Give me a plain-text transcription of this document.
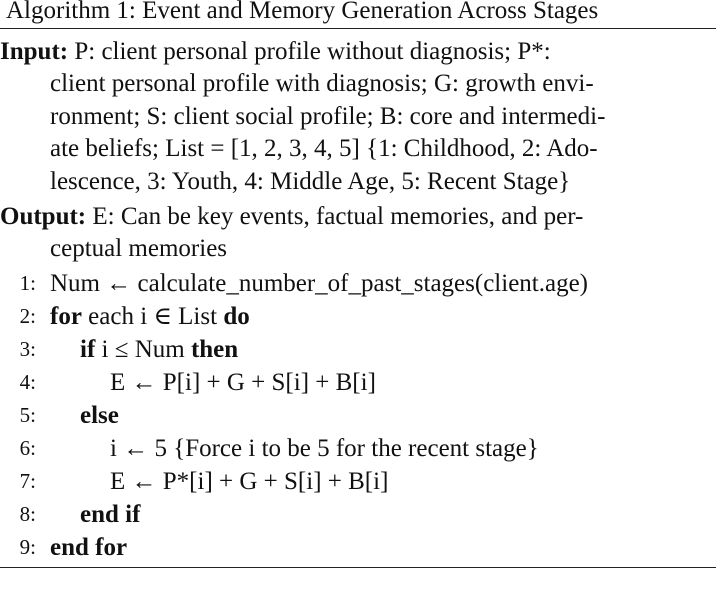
Algorithm 1: Event and Memory Generation Across Stages
Input: P: client personal profile without diagnosis; P*:
client personal profile with diagnosis; G: growth envi-
ronment; S: client social profile; B: core and intermedi-
ate beliefs; List = [1, 2, 3, 4, 5] {1: Childhood, 2: Ado-
lescence, 3: Youth, 4: Middle Age, 5: Recent Stage}
Output: E: Can be key events, factual memories, and per-
ceptual memories
1: Num ← calculate_number_of_past_stages(client.age)
2: for each i ∈ List do
3: if i ≤ Num then
4:	E ← P[i] + G + S[i] + B[i]
5: else
6:	i ← 5 {Force i to be 5 for the recent stage}
7:	E ← P*[i] + G + S[i] + B[i]
8: end if
9: end for
